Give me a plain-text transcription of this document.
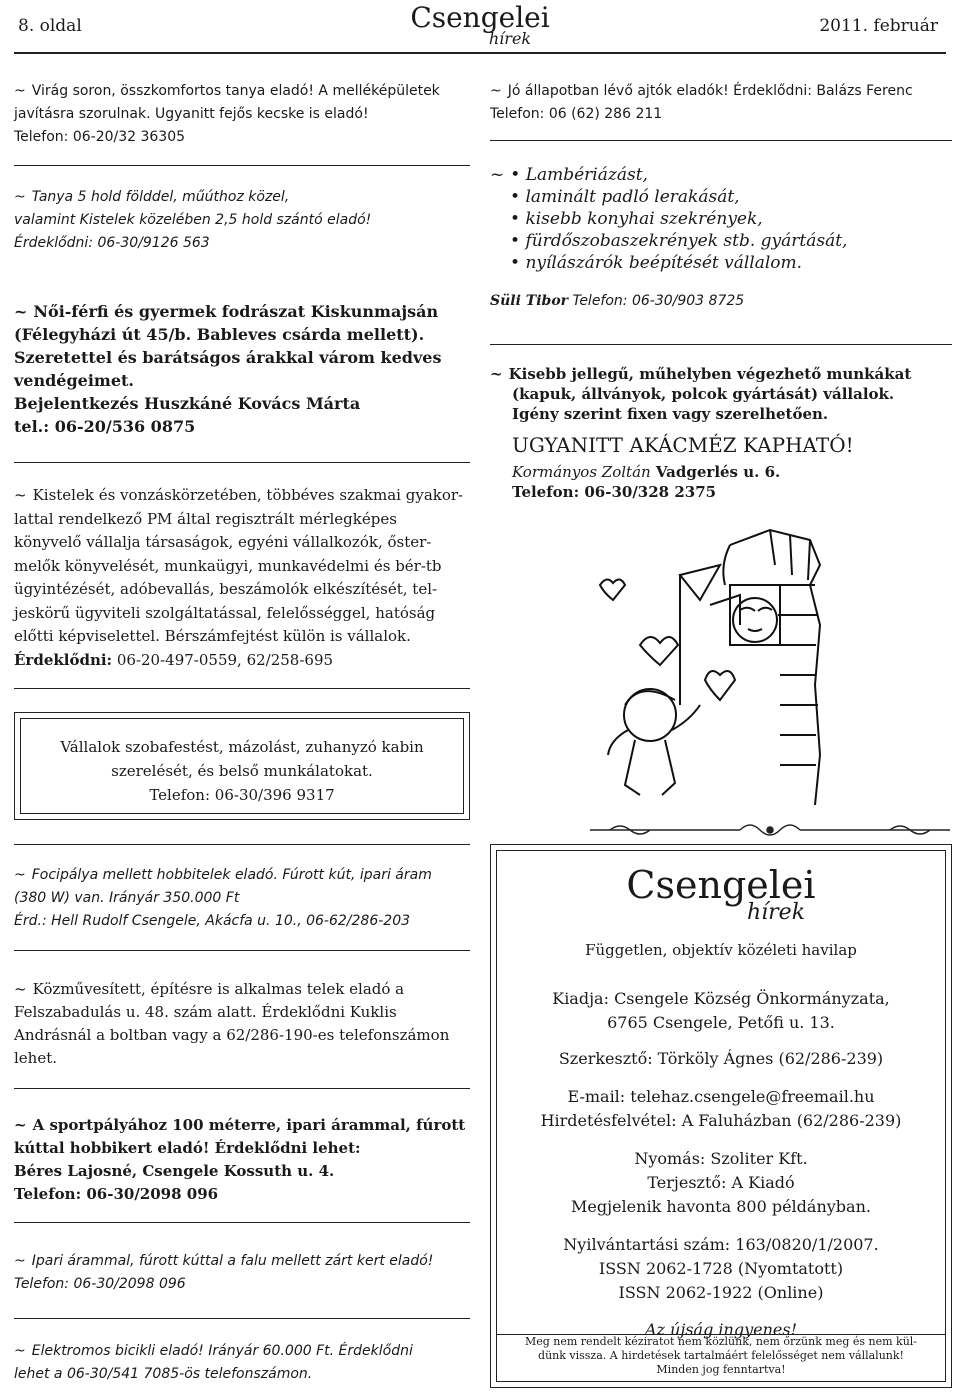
8. oldal	Csengelei
hírek
2011. február
~ Virág soron, összkomfortos tanya eladó! A melléképületek
javításra szorulnak. Ugyanitt fejős kecske is eladó!
Telefon: 06-20/32 36305
~ Tanya 5 hold földdel, műúthoz közel,
valamint Kistelek közelében 2,5 hold szántó eladó!
Érdeklődni: 06-30/9126 563
~ Női-férfi és gyermek fodrászat Kiskunmajsán
(Félegyházi út 45/b. Bableves csárda mellett).
Szeretettel és barátságos árakkal várom kedves
vendégeimet.
Bejelentkezés Huszkáné Kovács Márta
tel.: 06-20/536 0875
~ Kistelek és vonzáskörzetében, többéves szakmai gyakor-
lattal rendelkező PM által regisztrált mérlegképes
könyvelő vállalja társaságok, egyéni vállalkozók, őster-
melők könyvelését, munkaügyi, munkavédelmi és bér-tb
ügyintézését, adóbevallás, beszámolók elkészítését, tel-
jeskörű ügyviteli szolgáltatással, felelősséggel, hatóság
előtti képviselettel. Bérszámfejtést külön is vállalok.
Érdeklődni: 06-20-497-0559, 62/258-695
Vállalok szobafestést, mázolást, zuhanyzó kabin
szerelését, és belső munkálatokat.
Telefon: 06-30/396 9317
~ Focipálya mellett hobbitelek eladó. Fúrott kút, ipari áram
(380 W) van. Irányár 350.000 Ft
Érd.: Hell Rudolf Csengele, Akácfa u. 10., 06-62/286-203
~ Közművesített, építésre is alkalmas telek eladó a
Felszabadulás u. 48. szám alatt. Érdeklődni Kuklis
Andrásnál a boltban vagy a 62/286-190-es telefonszámon
lehet.
~ A sportpályához 100 méterre, ipari árammal, fúrott
kúttal hobbikert eladó! Érdeklődni lehet:
Béres Lajosné, Csengele Kossuth u. 4.
Telefon: 06-30/2098 096
~ Ipari árammal, fúrott kúttal a falu mellett zárt kert eladó!
Telefon: 06-30/2098 096
~ Elektromos bicikli eladó! Irányár 60.000 Ft. Érdeklődni
lehet a 06-30/541 7085-ös telefonszámon.
~ Jó állapotban lévő ajtók eladók! Érdeklődni: Balázs Ferenc
Telefon: 06 (62) 286 211
~ • Lambériázást,
• laminált padló lerakását,
• kisebb konyhai szekrények,
• fürdőszobaszekrények stb. gyártását,
• nyílászárók beépítését vállalom.
Süli Tibor Telefon: 06-30/903 8725
~ Kisebb jellegű, műhelyben végezhető munkákat
(kapuk, állványok, polcok gyártását) vállalok.
Igény szerint fixen vagy szerelhetően.
UGYANITT AKÁCMÉZ KAPHATÓ!
Kormányos Zoltán Vadgerlés u. 6.
Telefon: 06-30/328 2375
Csengelei
hírek

Független, objektív közéleti havilap

Kiadja: Csengele Község Önkormányzata,

6765 Csengele, Petőfi u. 13.

Szerkesztő: Törköly Ágnes (62/286-239)

E-mail: telehaz.csengele@freemail.hu

Hirdetésfelvétel: A Faluházban (62/286-239)

Nyomás: Szoliter Kft.

Terjesztő: A Kiadó

Megjelenik havonta 800 példányban.

Nyilvántartási szám: 163/0820/1/2007.

ISSN 2062-1728 (Nyomtatott)

ISSN 2062-1922 (Online)

Az újság ingyenes!

Meg nem rendelt kéziratot nem közlünk, nem őrzünk meg és nem kül-
dünk vissza. A hirdetések tartalmáért felelősséget nem vállalunk!
Minden jog fenntartva!
